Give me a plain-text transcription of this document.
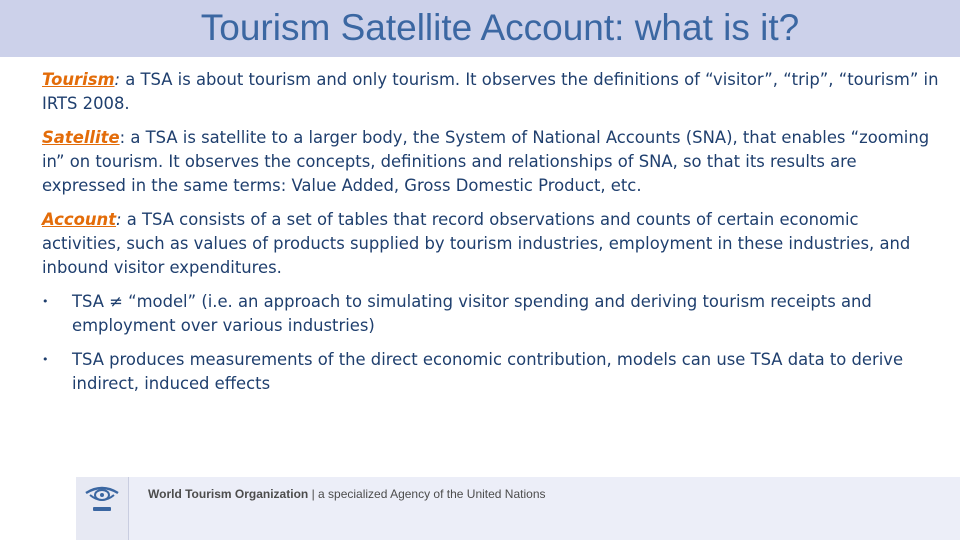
Tourism Satellite Account: what is it?

Tourism: a TSA is about tourism and only tourism. It observes the definitions of “visitor”, “trip”, “tourism” in IRTS 2008.

Satellite: a TSA is satellite to a larger body, the System of National Accounts (SNA), that enables “zooming in” on tourism. It observes the concepts, definitions and relationships of SNA, so that its results are expressed in the same terms: Value Added, Gross Domestic Product, etc.

Account: a TSA consists of a set of tables that record observations and counts of certain economic activities, such as values of products supplied by tourism industries, employment in these industries, and inbound visitor expenditures.

• TSA ≠ “model” (i.e. an approach to simulating visitor spending and deriving tourism receipts and employment over various industries)
• TSA produces measurements of the direct economic contribution, models can use TSA data to derive indirect, induced effects
World Tourism Organization | a specialized Agency of the United Nations
